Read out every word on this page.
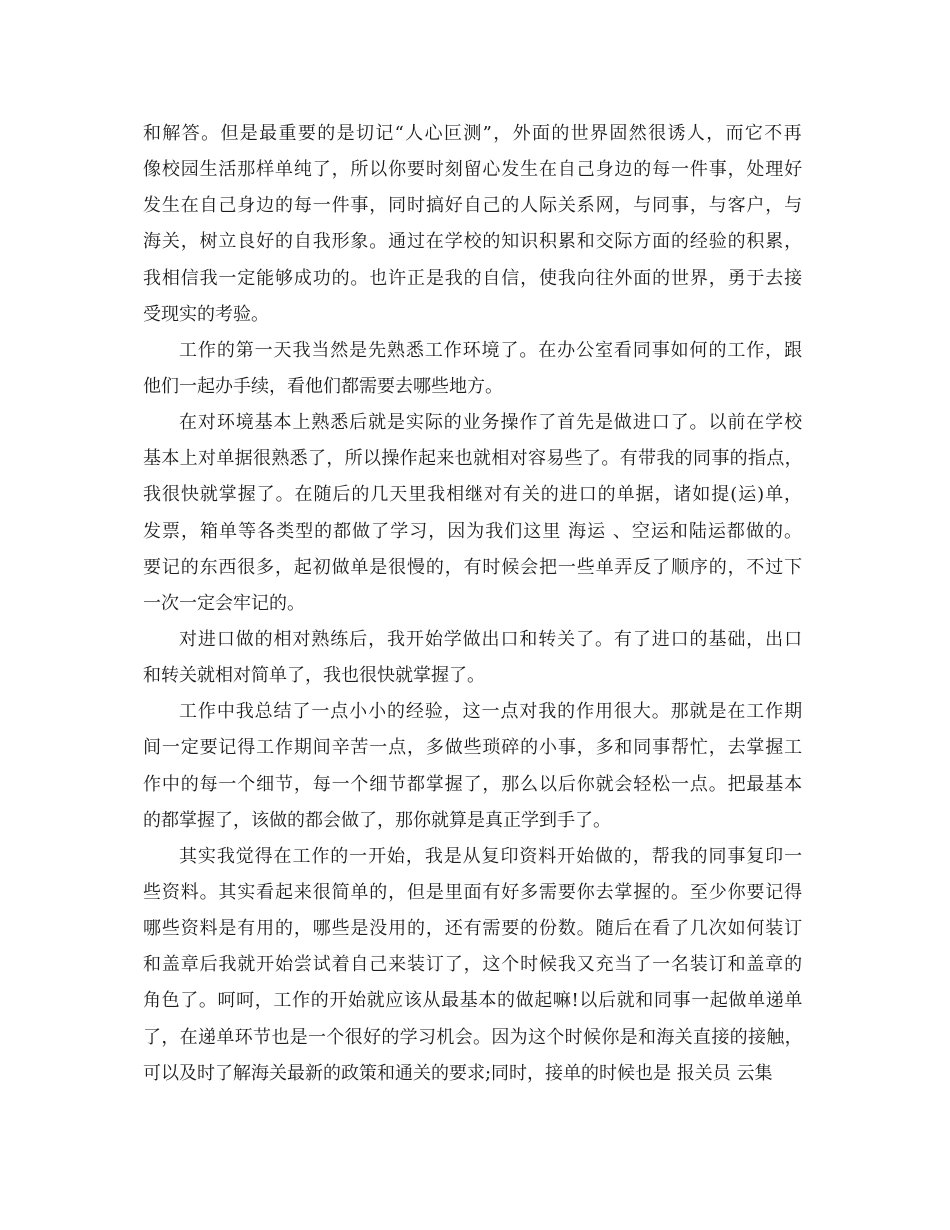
和解答。但是最重要的是切记“人心叵测”，外面的世界固然很诱人，而它不再
像校园生活那样单纯了，所以你要时刻留心发生在自己身边的每一件事，处理好
发生在自己身边的每一件事，同时搞好自己的人际关系网，与同事，与客户，与
海关，树立良好的自我形象。通过在学校的知识积累和交际方面的经验的积累，
我相信我一定能够成功的。也许正是我的自信，使我向往外面的世界，勇于去接
受现实的考验。
工作的第一天我当然是先熟悉工作环境了。在办公室看同事如何的工作，跟
他们一起办手续，看他们都需要去哪些地方。
在对环境基本上熟悉后就是实际的业务操作了首先是做进口了。以前在学校
基本上对单据很熟悉了，所以操作起来也就相对容易些了。有带我的同事的指点，
我很快就掌握了。在随后的几天里我相继对有关的进口的单据，诸如提(运)单，
发票，箱单等各类型的都做了学习，因为我们这里 海运 、空运和陆运都做的。
要记的东西很多，起初做单是很慢的，有时候会把一些单弄反了顺序的，不过下
一次一定会牢记的。
对进口做的相对熟练后，我开始学做出口和转关了。有了进口的基础，出口
和转关就相对简单了，我也很快就掌握了。
工作中我总结了一点小小的经验，这一点对我的作用很大。那就是在工作期
间一定要记得工作期间辛苦一点，多做些琐碎的小事，多和同事帮忙，去掌握工
作中的每一个细节，每一个细节都掌握了，那么以后你就会轻松一点。把最基本
的都掌握了，该做的都会做了，那你就算是真正学到手了。
其实我觉得在工作的一开始，我是从复印资料开始做的，帮我的同事复印一
些资料。其实看起来很简单的，但是里面有好多需要你去掌握的。至少你要记得
哪些资料是有用的，哪些是没用的，还有需要的份数。随后在看了几次如何装订
和盖章后我就开始尝试着自己来装订了，这个时候我又充当了一名装订和盖章的
角色了。呵呵，工作的开始就应该从最基本的做起嘛!以后就和同事一起做单递单
了，在递单环节也是一个很好的学习机会。因为这个时候你是和海关直接的接触，
可以及时了解海关最新的政策和通关的要求;同时，接单的时候也是 报关员 云集
